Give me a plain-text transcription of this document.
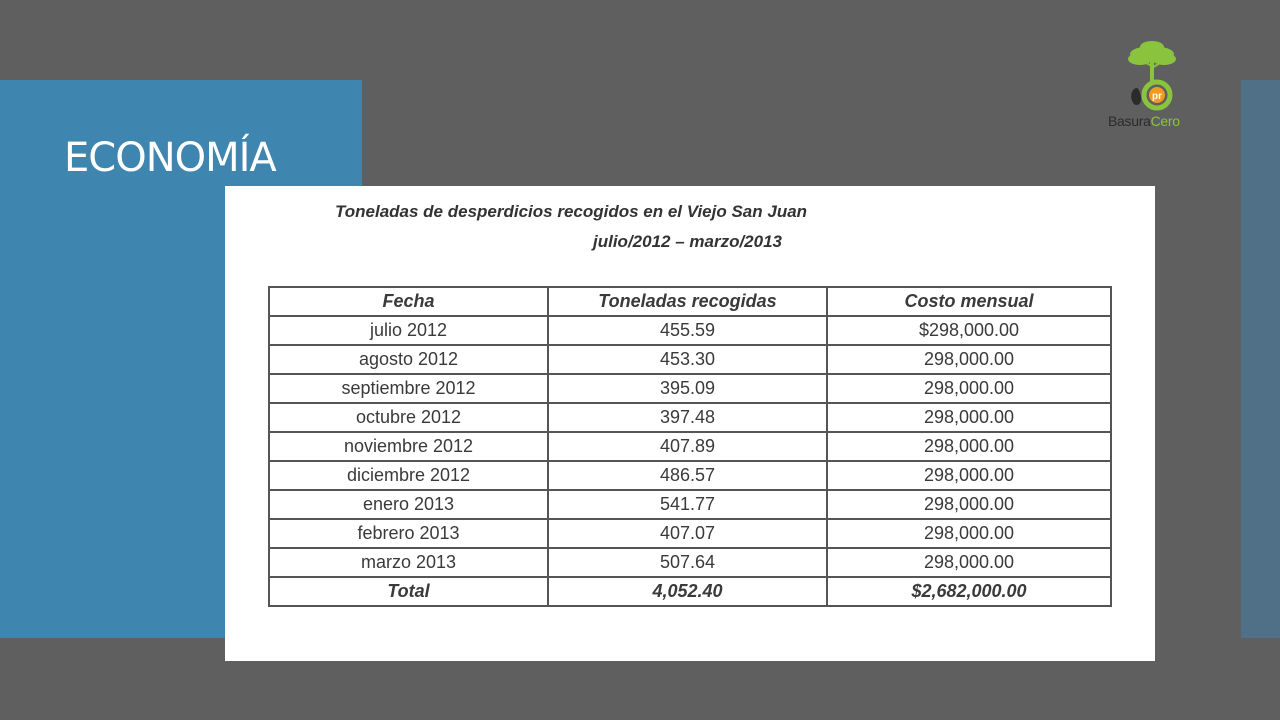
ECONOMÍA
pr
BasuraCero
Toneladas de desperdicios recogidos en el Viejo San Juan
julio/2012 – marzo/2013
Fecha	Toneladas recogidas	Costo mensual
julio 2012	455.59	$298,000.00
agosto 2012	453.30	298,000.00
septiembre 2012	395.09	298,000.00
octubre 2012	397.48	298,000.00
noviembre 2012	407.89	298,000.00
diciembre 2012	486.57	298,000.00
enero 2013	541.77	298,000.00
febrero 2013	407.07	298,000.00
marzo 2013	507.64	298,000.00
Total	4,052.40	$2,682,000.00
